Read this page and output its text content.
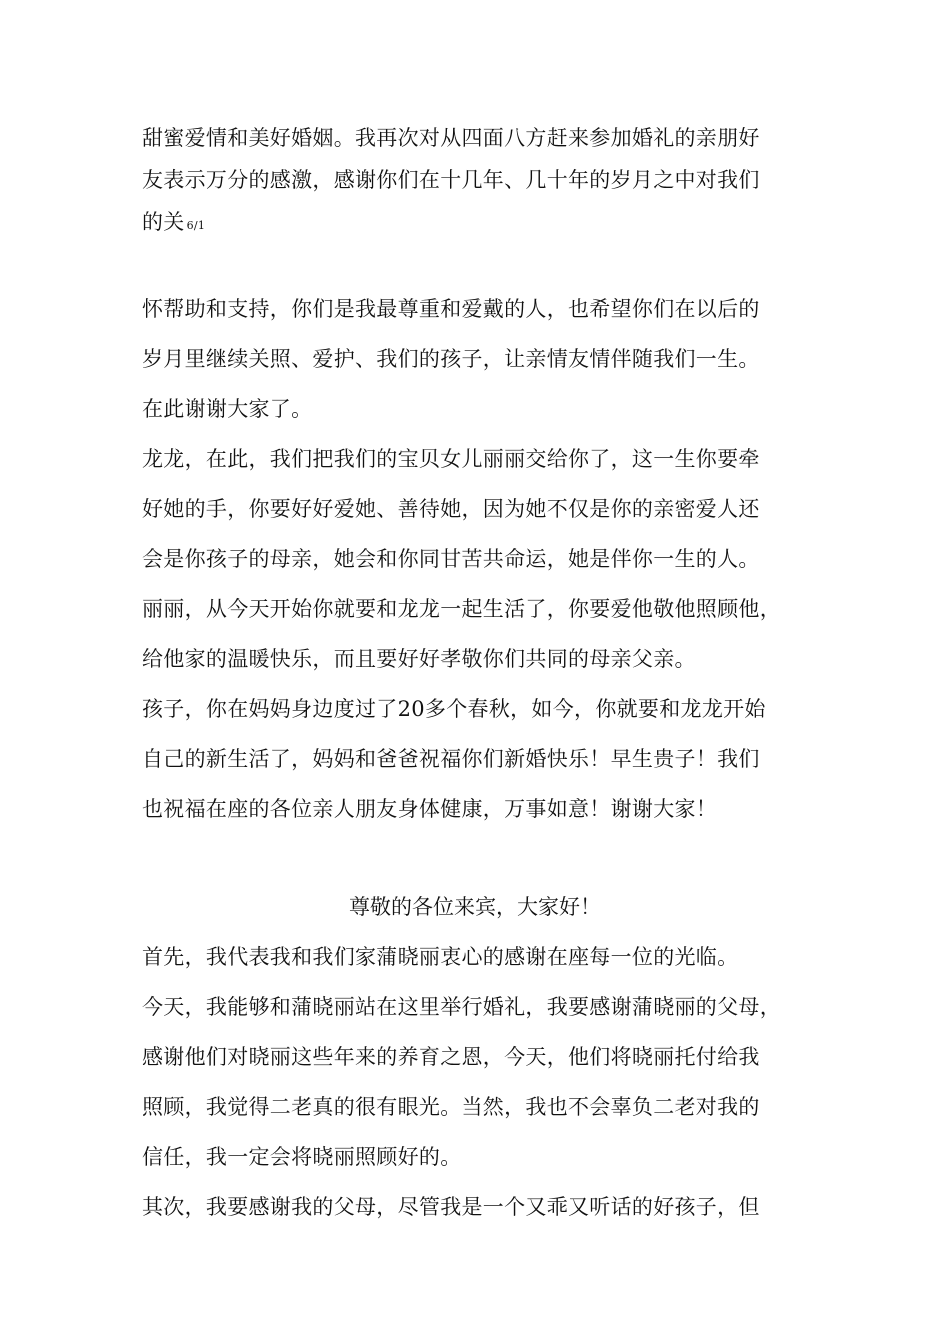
甜蜜爱情和美好婚姻。我再次对从四面八方赶来参加婚礼的亲朋好

友表示万分的感激，感谢你们在十几年、几十年的岁月之中对我们

的关 6/1

怀帮助和支持，你们是我最尊重和爱戴的人，也希望你们在以后的

岁月里继续关照、爱护、我们的孩子，让亲情友情伴随我们一生。

在此谢谢大家了。

龙龙，在此，我们把我们的宝贝女儿丽丽交给你了，这一生你要牵

好她的手，你要好好爱她、善待她，因为她不仅是你的亲密爱人还

会是你孩子的母亲，她会和你同甘苦共命运，她是伴你一生的人。

丽丽，从今天开始你就要和龙龙一起生活了，你要爱他敬他照顾他，

给他家的温暖快乐，而且要好好孝敬你们共同的母亲父亲。

孩子，你在妈妈身边度过了20多个春秋，如今，你就要和龙龙开始

自己的新生活了，妈妈和爸爸祝福你们新婚快乐！早生贵子！我们

也祝福在座的各位亲人朋友身体健康，万事如意！谢谢大家！

尊敬的各位来宾，大家好！

首先，我代表我和我们家蒲晓丽衷心的感谢在座每一位的光临。

今天，我能够和蒲晓丽站在这里举行婚礼，我要感谢蒲晓丽的父母，

感谢他们对晓丽这些年来的养育之恩，今天，他们将晓丽托付给我

照顾，我觉得二老真的很有眼光。当然，我也不会辜负二老对我的

信任，我一定会将晓丽照顾好的。

其次，我要感谢我的父母，尽管我是一个又乖又听话的好孩子，但
